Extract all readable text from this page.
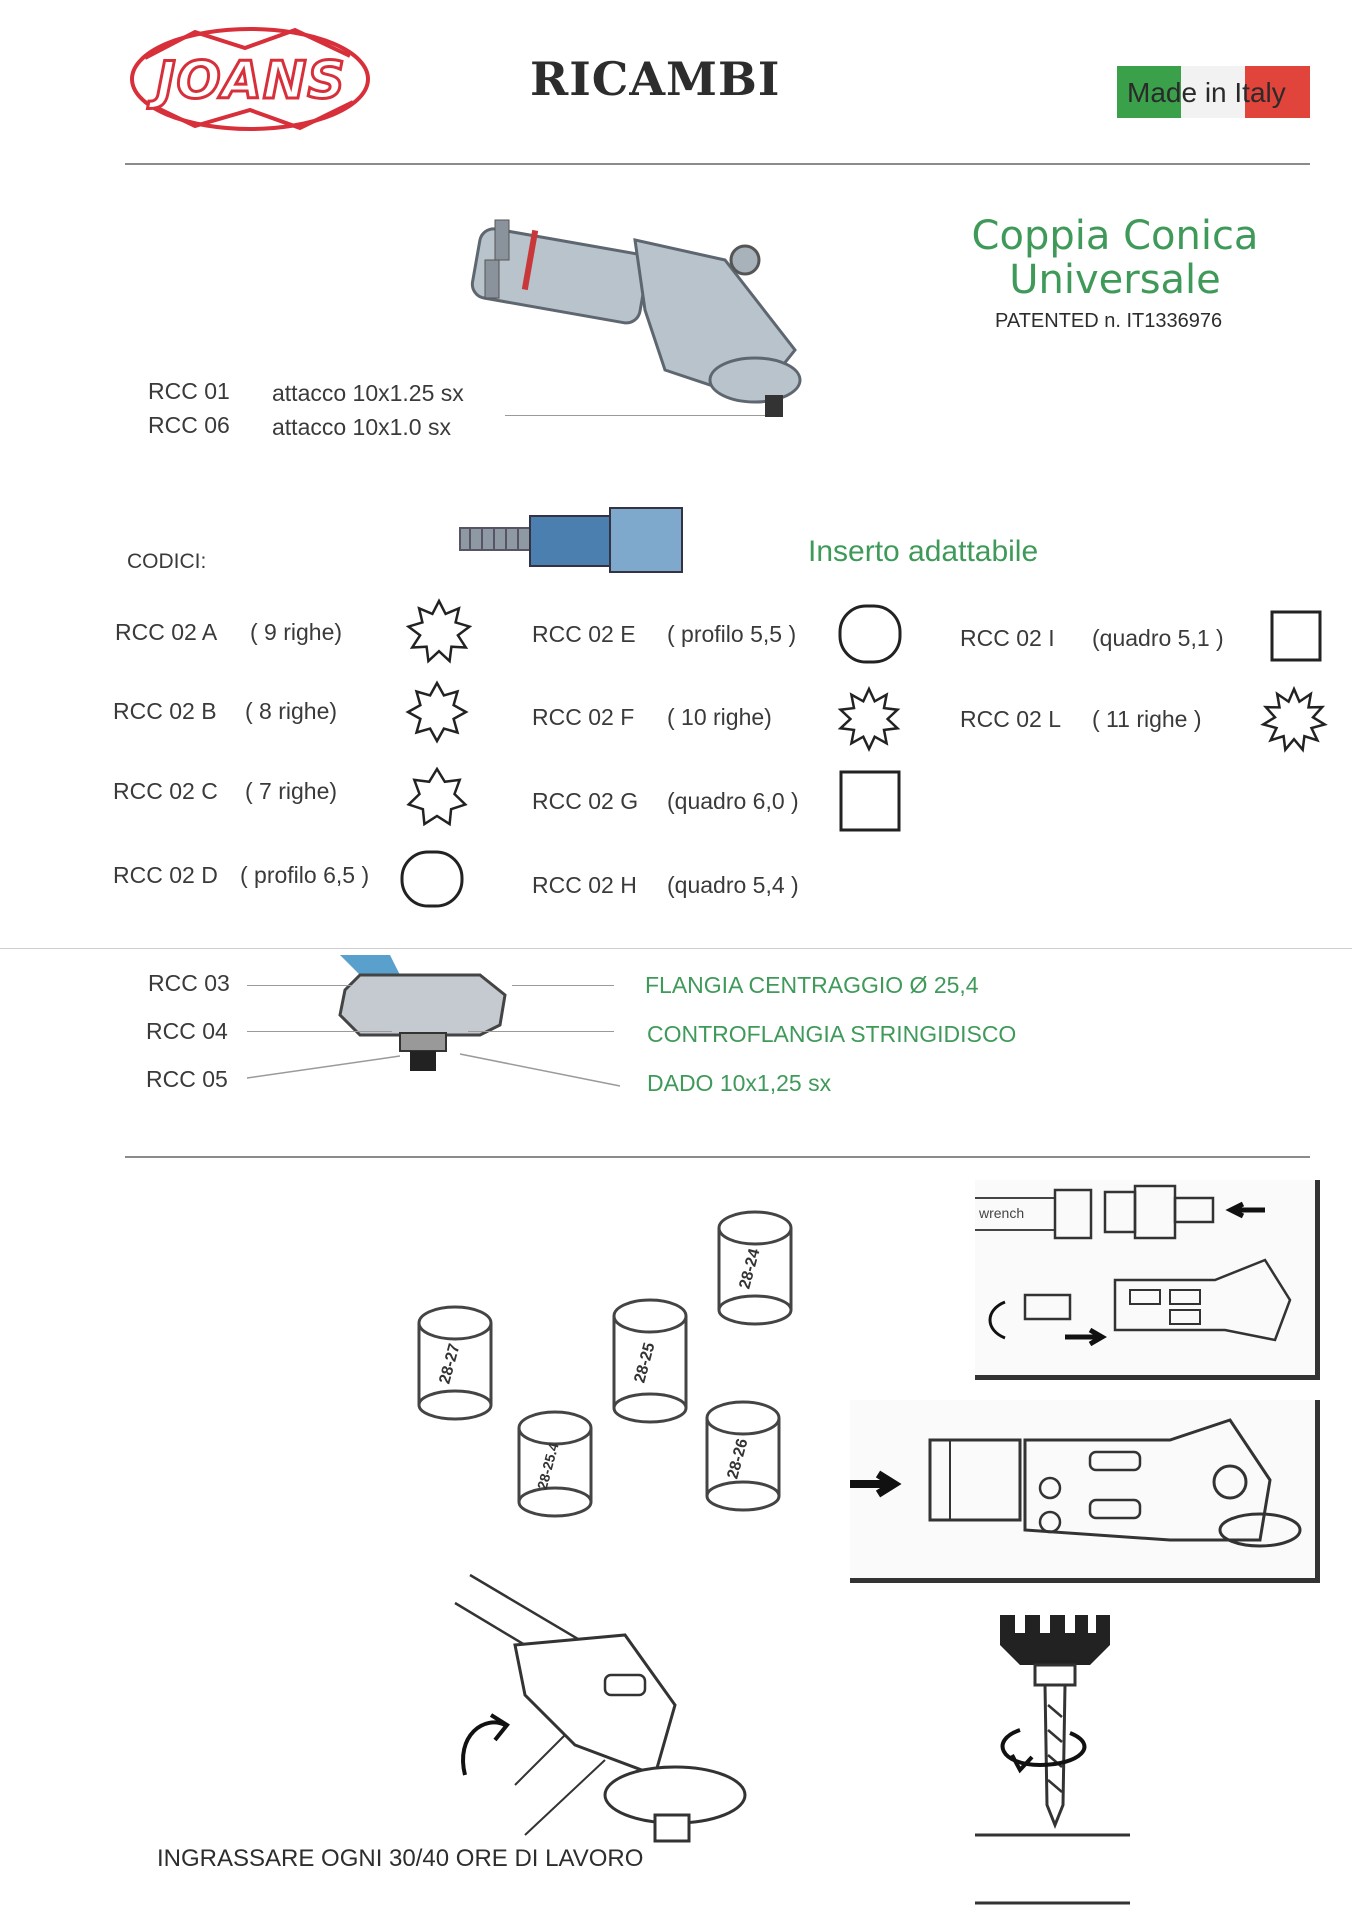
JOANS	RICAMBI	Made in Italy
Coppia Conica
Universale
PATENTED n. IT1336976
RCC 01 attacco 10x1.25 sx
RCC 06 attacco 10x1.0 sx
CODICI:	Inserto adattabile
RCC 02 A ( 9 righe)
RCC 02 B ( 8 righe)
RCC 02 C ( 7 righe)
RCC 02 D ( profilo 6,5 )
RCC 02 E ( profilo 5,5 )
RCC 02 F ( 10 righe)
RCC 02 G (quadro 6,0 )
RCC 02 H (quadro 5,4 )
RCC 02 I (quadro 5,1 )
RCC 02 L ( 11 righe )
RCC 03	FLANGIA CENTRAGGIO Ø 25,4
RCC 04	CONTROFLANGIA STRINGIDISCO
RCC 05	DADO 10x1,25 sx
28-24
28-27	28-25
28-25.4	28-26
wrench
INGRASSARE OGNI 30/40 ORE DI LAVORO
